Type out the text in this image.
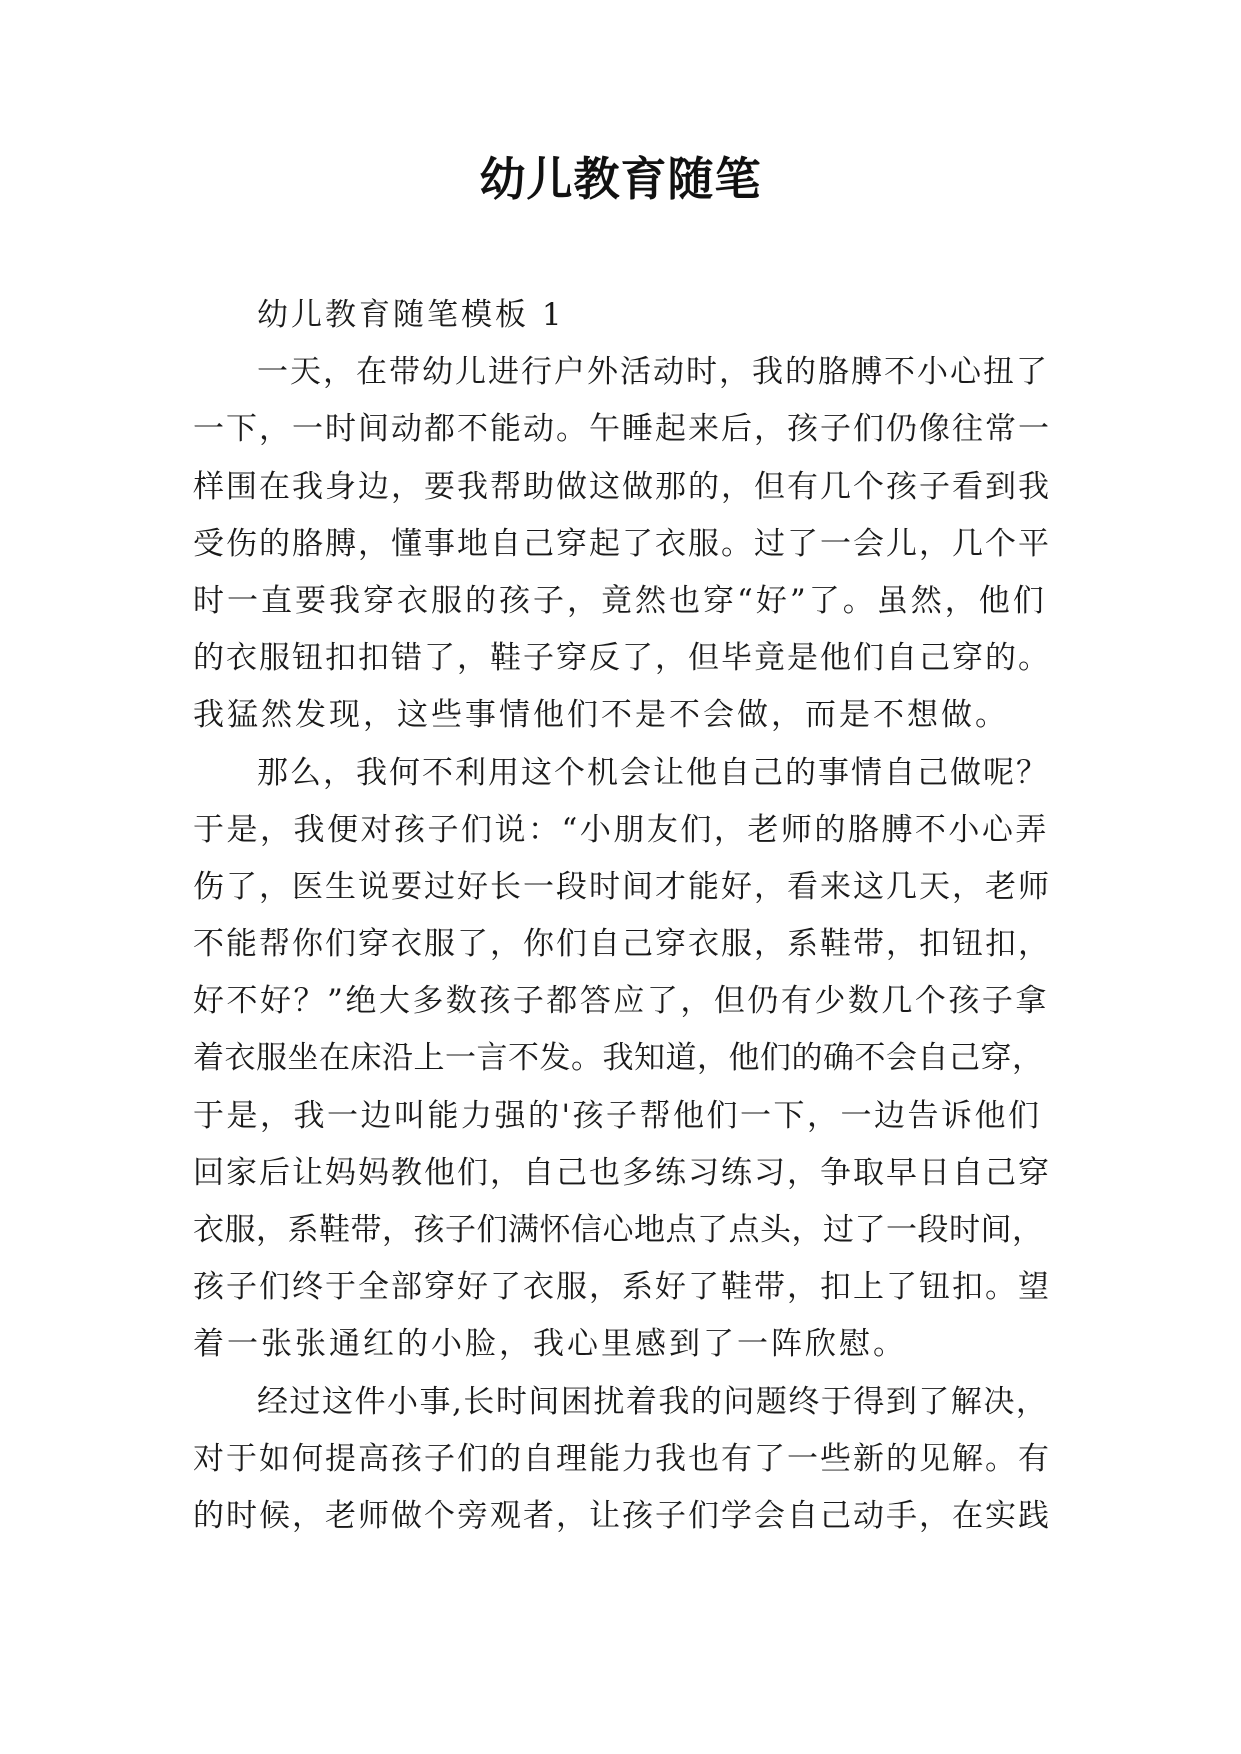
幼儿教育随笔
幼儿教育随笔模板 1
一天，在带幼儿进行户外活动时，我的胳膊不小心扭了
一下，一时间动都不能动。午睡起来后，孩子们仍像往常一
样围在我身边，要我帮助做这做那的，但有几个孩子看到我
受伤的胳膊，懂事地自己穿起了衣服。过了一会儿，几个平
时一直要我穿衣服的孩子，竟然也穿“好”了。虽然，他们
的衣服钮扣扣错了，鞋子穿反了，但毕竟是他们自己穿的。
我猛然发现，这些事情他们不是不会做，而是不想做。
那么，我何不利用这个机会让他自己的事情自己做呢？
于是，我便对孩子们说：“小朋友们，老师的胳膊不小心弄
伤了，医生说要过好长一段时间才能好，看来这几天，老师
不能帮你们穿衣服了，你们自己穿衣服，系鞋带，扣钮扣，
好不好？”绝大多数孩子都答应了，但仍有少数几个孩子拿
着衣服坐在床沿上一言不发。我知道，他们的确不会自己穿，
于是，我一边叫能力强的'孩子帮他们一下，一边告诉他们
回家后让妈妈教他们，自己也多练习练习，争取早日自己穿
衣服，系鞋带，孩子们满怀信心地点了点头，过了一段时间，
孩子们终于全部穿好了衣服，系好了鞋带，扣上了钮扣。望
着一张张通红的小脸，我心里感到了一阵欣慰。
经过这件小事,长时间困扰着我的问题终于得到了解决，
对于如何提高孩子们的自理能力我也有了一些新的见解。有
的时候，老师做个旁观者，让孩子们学会自己动手，在实践
